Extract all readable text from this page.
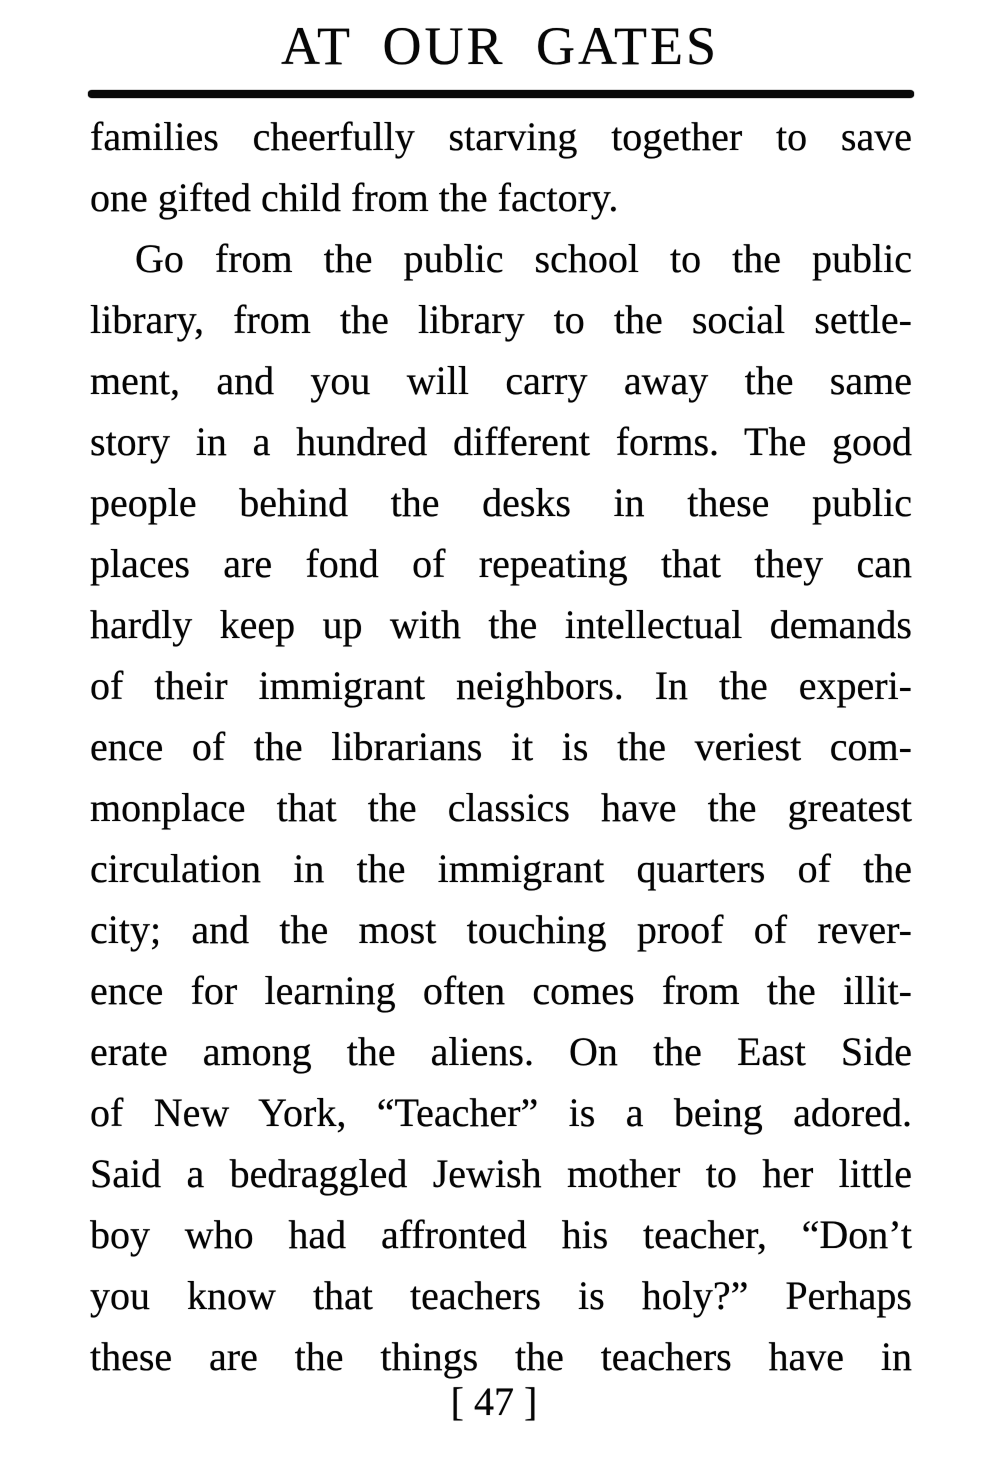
AT OUR GATES
families cheerfully starving together to save
one gifted child from the factory.
Go from the public school to the public
library, from the library to the social settle-
ment, and you will carry away the same
story in a hundred different forms. The good
people behind the desks in these public
places are fond of repeating that they can
hardly keep up with the intellectual demands
of their immigrant neighbors. In the experi-
ence of the librarians it is the veriest com-
monplace that the classics have the greatest
circulation in the immigrant quarters of the
city; and the most touching proof of rever-
ence for learning often comes from the illit-
erate among the aliens. On the East Side
of New York, “Teacher” is a being adored.
Said a bedraggled Jewish mother to her little
boy who had affronted his teacher, “Don’t
you know that teachers is holy?” Perhaps
these are the things the teachers have in
[ 47 ]
